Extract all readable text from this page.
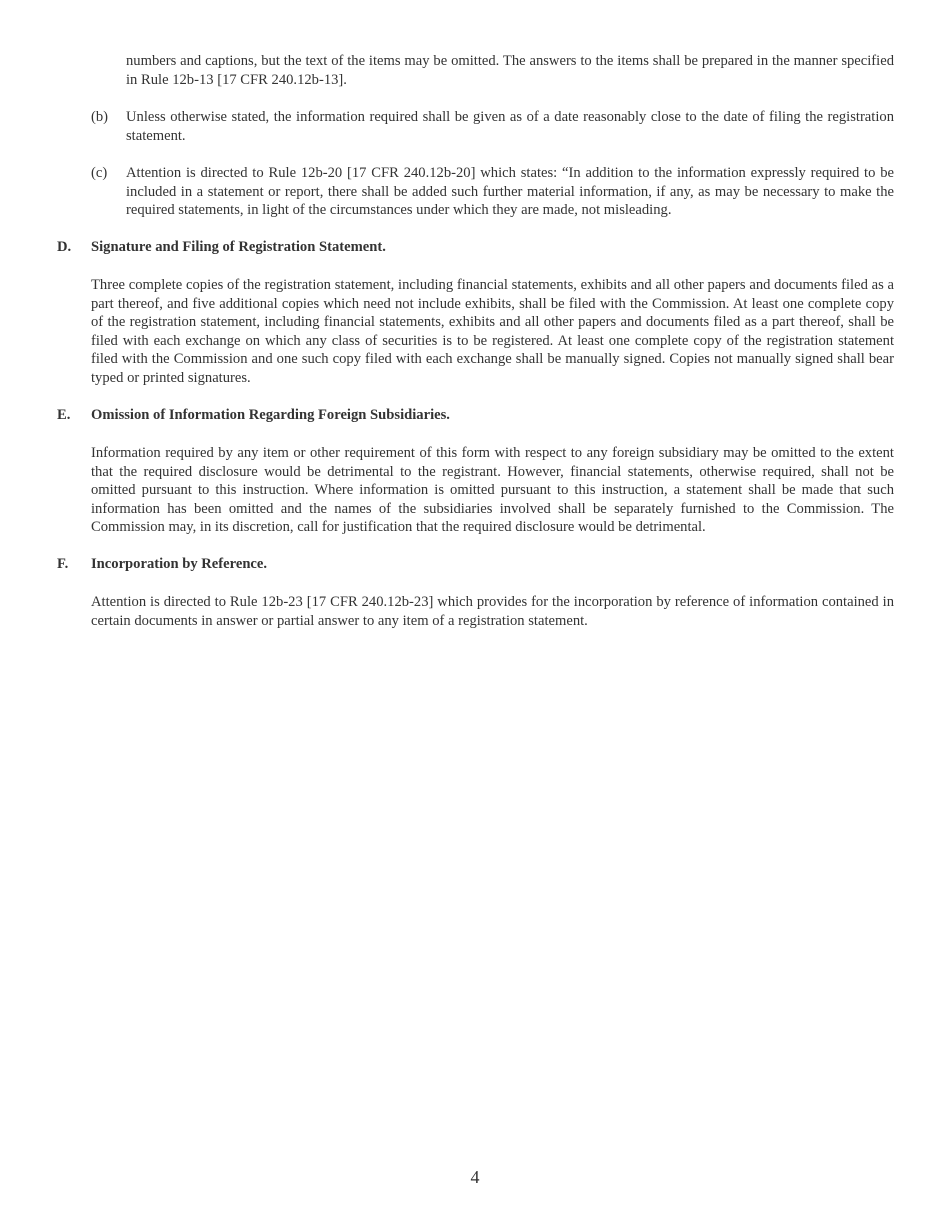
numbers and captions, but the text of the items may be omitted. The answers to the items shall be prepared in the manner specified in Rule 12b-13 [17 CFR 240.12b-13].

(b) Unless otherwise stated, the information required shall be given as of a date reasonably close to the date of filing the registration statement.
(c) Attention is directed to Rule 12b-20 [17 CFR 240.12b-20] which states: “In addition to the information expressly required to be included in a statement or report, there shall be added such further material information, if any, as may be necessary to make the required statements, in light of the circumstances under which they are made, not misleading.
D. Signature and Filing of Registration Statement.
Three complete copies of the registration statement, including financial statements, exhibits and all other papers and documents filed as a part thereof, and five additional copies which need not include exhibits, shall be filed with the Commission. At least one complete copy of the registration statement, including financial statements, exhibits and all other papers and documents filed as a part thereof, shall be filed with each exchange on which any class of securities is to be registered. At least one complete copy of the registration statement filed with the Commission and one such copy filed with each exchange shall be manually signed. Copies not manually signed shall bear typed or printed signatures.
E. Omission of Information Regarding Foreign Subsidiaries.
Information required by any item or other requirement of this form with respect to any foreign subsidiary may be omitted to the extent that the required disclosure would be detrimental to the registrant. However, financial statements, otherwise required, shall not be omitted pursuant to this instruction. Where information is omitted pursuant to this instruction, a statement shall be made that such information has been omitted and the names of the subsidiaries involved shall be separately furnished to the Commission. The Commission may, in its discretion, call for justification that the required disclosure would be detrimental.
F. Incorporation by Reference.
Attention is directed to Rule 12b-23 [17 CFR 240.12b-23] which provides for the incorporation by reference of information contained in certain documents in answer or partial answer to any item of a registration statement.
4
